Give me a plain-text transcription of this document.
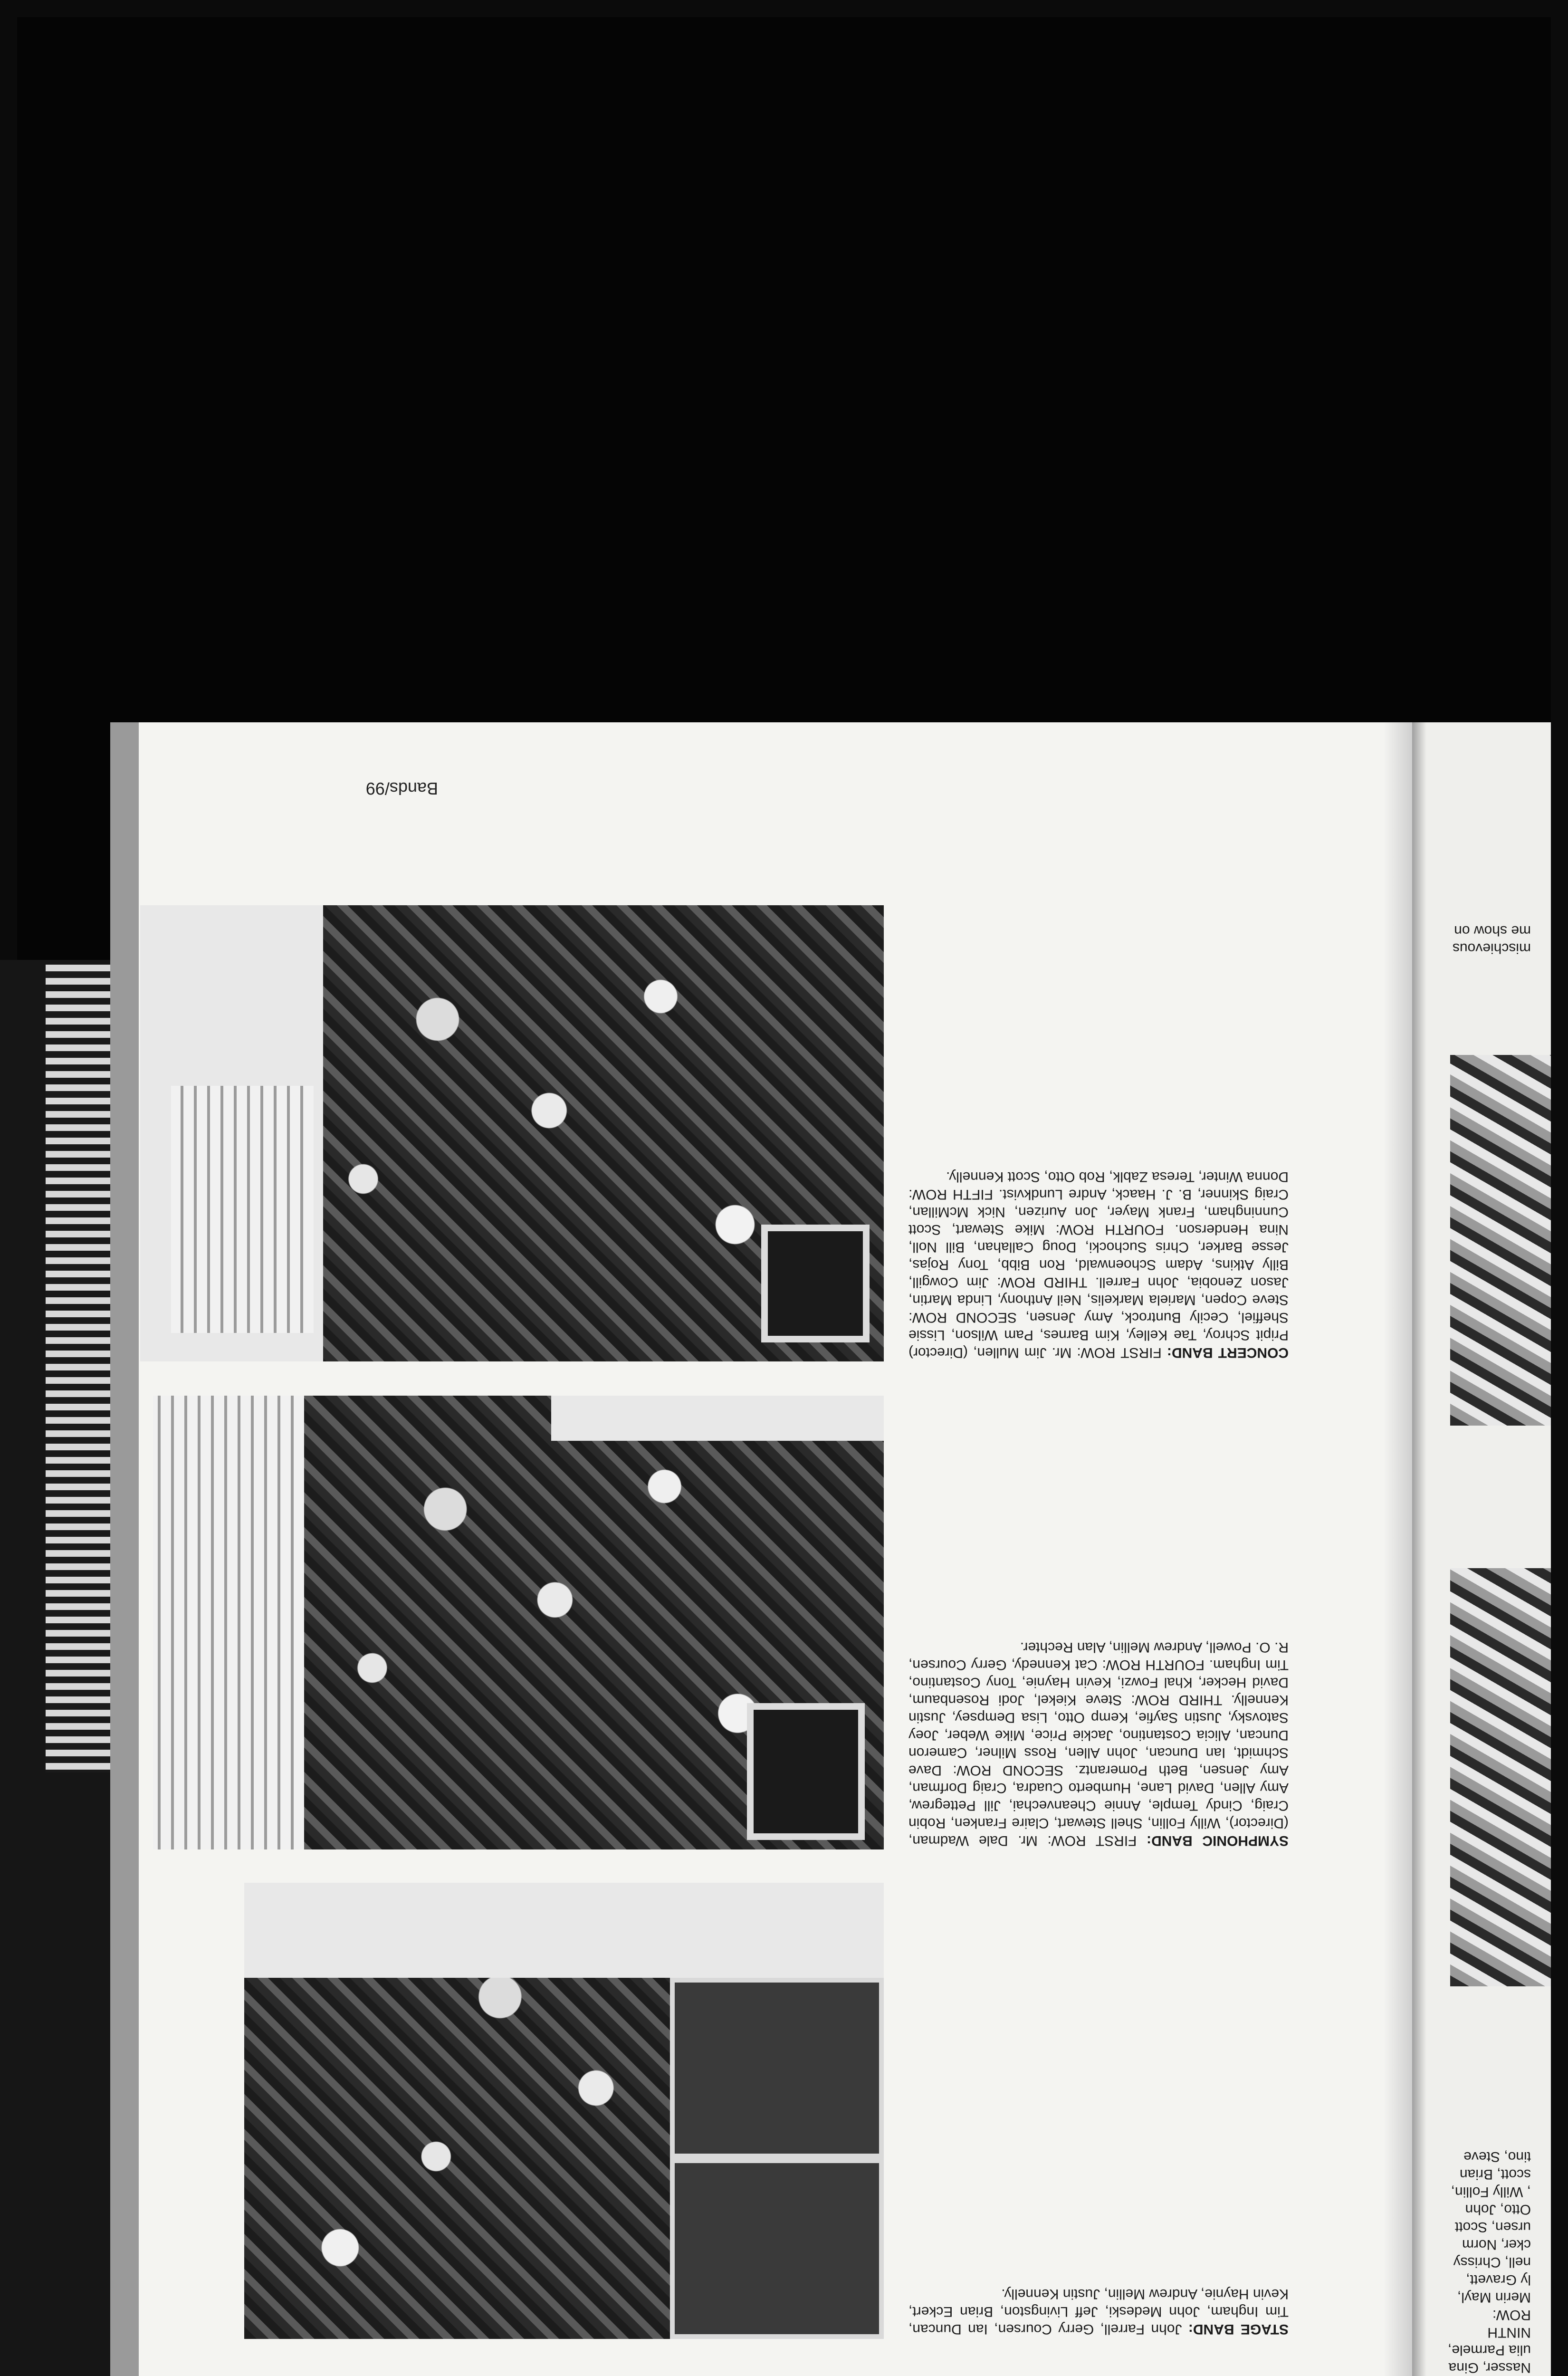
STAGE BAND: John Farrell, Gerry Coursen, Ian Duncan, Tim Ingham, John Medeski, Jeff Livingston, Brian Eckert, Kevin Haynie, Andrew Mellin, Justin Kennelly.
SYMPHONIC BAND: FIRST ROW: Mr. Dale Wadman, (Director), Willy Follin, Shell Stewart, Claire Franken, Robin Craig, Cindy Temple, Annie Cheanvechai, Jill Pettegrew, Amy Allen, David Lane, Humberto Cuadra, Craig Dorfman, Amy Jensen, Beth Pomerantz. SECOND ROW: Dave Schmidt, Ian Duncan, John Allen, Ross Milner, Cameron Duncan, Alicia Costantino, Jackie Price, Mike Weber, Joey Satovsky, Justin Sayfie, Kemp Otto, Lisa Dempsey, Justin Kennelly. THIRD ROW: Steve Kiekel, Jodi Rosenbaum, David Hecker, Khal Fowzi, Kevin Haynie, Tony Costantino, Tim Ingham. FOURTH ROW: Cat Kennedy, Gerry Coursen, R. O. Powell, Andrew Mellin, Alan Rechter.
CONCERT BAND: FIRST ROW: Mr. Jim Mullen, (Director) Pripit Schroy, Tae Kelley, Kim Barnes, Pam Wilson, Lissie Sheffiel, Cecily Buntrock, Amy Jensen, SECOND ROW: Steve Copen, Mariela Markelis, Neil Anthony, Linda Martin, Jason Zenobia, John Farrell. THIRD ROW: Jim Cowgill, Billy Atkins, Adam Schoenwald, Ron Bibb, Tony Rojas, Jesse Barker, Chris Suchocki, Doug Callahan, Bill Noll, Nina Henderson. FOURTH ROW: Mike Stewart, Scott Cunningham, Frank Mayer, Jon Aurizen, Nick McMillan, Craig Skinner, B. J. Haack, Andre Lundkvist. FIFTH ROW: Donna Winter, Teresa Zablk, Rob Otto, Scott Kennelly.
Bands/99
mischievous me show on
Nasser, Gina
ulia Parmele,
NINTH ROW:
Merin Mayl,
ly Gravett,
nell, Chrissy
cker, Norm
ursen, Scott
Otto, John
, Willy Follin,
scott, Brian
tino, Steve
